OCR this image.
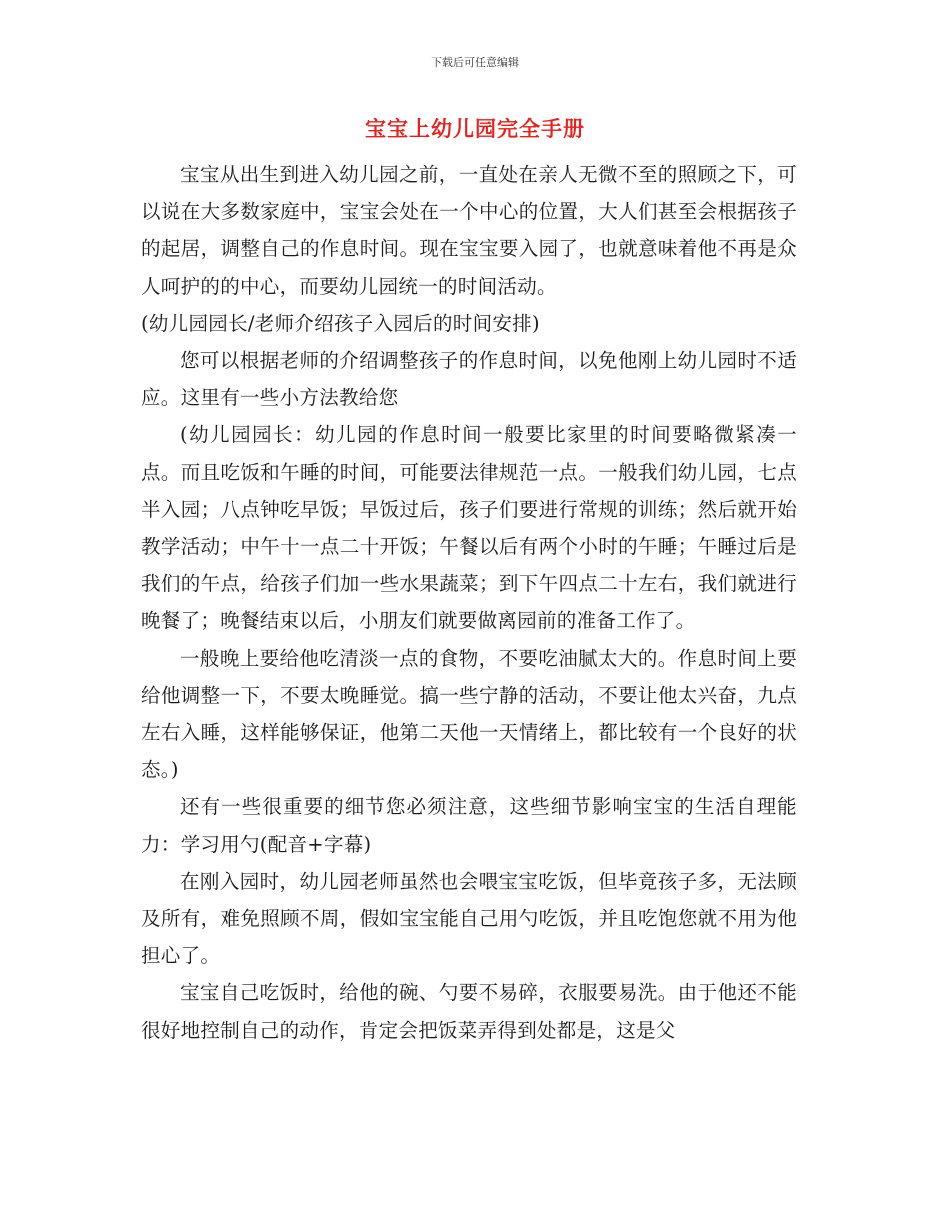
下载后可任意编辑
宝宝上幼儿园完全手册

宝宝从出生到进入幼儿园之前，一直处在亲人无微不至的照顾之下，可以说在大多数家庭中，宝宝会处在一个中心的位置，大人们甚至会根据孩子的起居，调整自己的作息时间。现在宝宝要入园了，也就意味着他不再是众人呵护的的中心，而要幼儿园统一的时间活动。

(幼儿园园长/老师介绍孩子入园后的时间安排)

您可以根据老师的介绍调整孩子的作息时间，以免他刚上幼儿园时不适应。这里有一些小方法教给您

(幼儿园园长：幼儿园的作息时间一般要比家里的时间要略微紧凑一点。而且吃饭和午睡的时间，可能要法律规范一点。一般我们幼儿园，七点半入园；八点钟吃早饭；早饭过后，孩子们要进行常规的训练；然后就开始教学活动；中午十一点二十开饭；午餐以后有两个小时的午睡；午睡过后是我们的午点，给孩子们加一些水果蔬菜；到下午四点二十左右，我们就进行晚餐了；晚餐结束以后，小朋友们就要做离园前的准备工作了。

一般晚上要给他吃清淡一点的食物，不要吃油腻太大的。作息时间上要给他调整一下，不要太晚睡觉。搞一些宁静的活动，不要让他太兴奋，九点左右入睡，这样能够保证，他第二天他一天情绪上，都比较有一个良好的状态。)

还有一些很重要的细节您必须注意，这些细节影响宝宝的生活自理能力：学习用勺(配音+字幕)

在刚入园时，幼儿园老师虽然也会喂宝宝吃饭，但毕竟孩子多，无法顾及所有，难免照顾不周，假如宝宝能自己用勺吃饭，并且吃饱您就不用为他担心了。

宝宝自己吃饭时，给他的碗、勺要不易碎，衣服要易洗。由于他还不能很好地控制自己的动作，肯定会把饭菜弄得到处都是，这是父
